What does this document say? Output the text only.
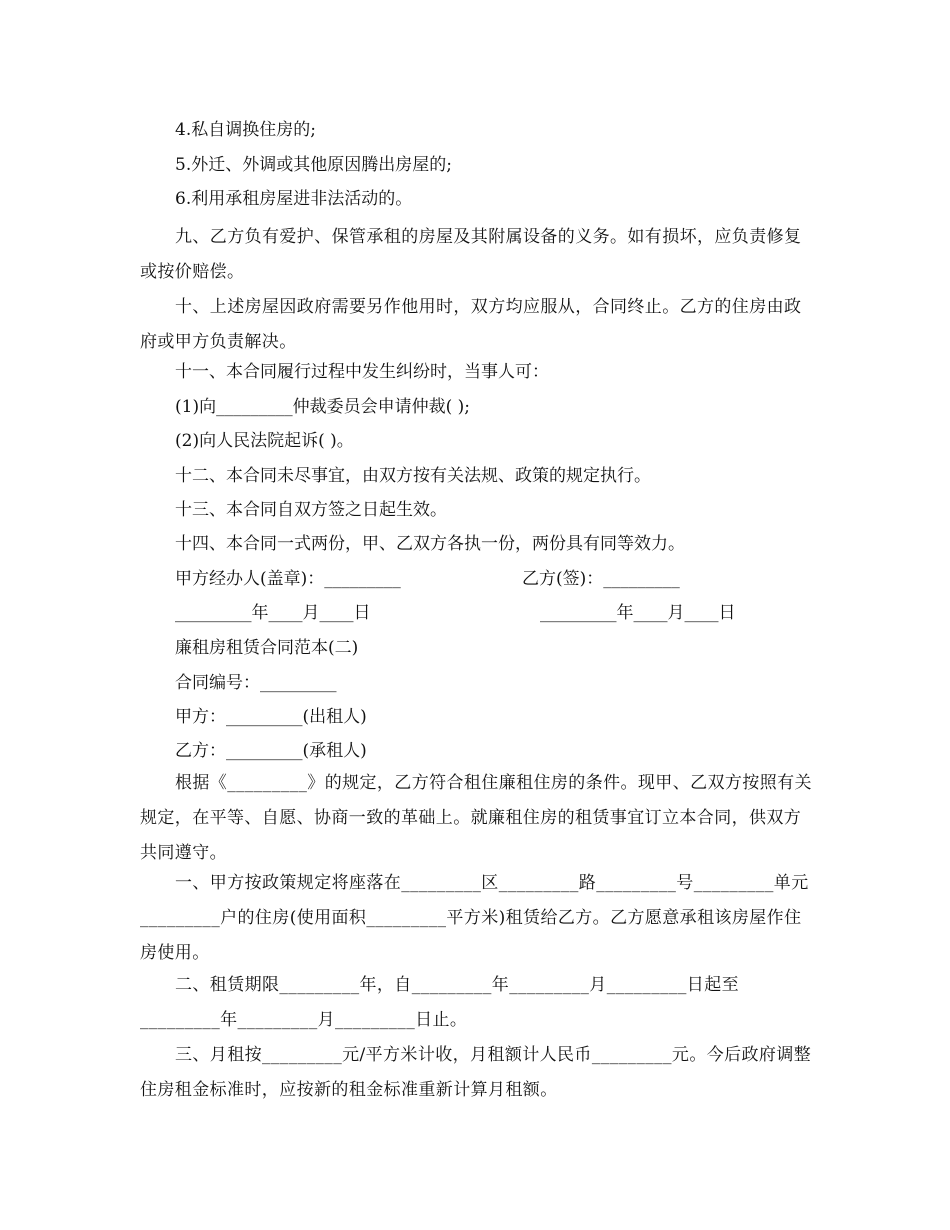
4.私自调换住房的;
5.外迁、外调或其他原因腾出房屋的;
6.利用承租房屋进非法活动的。
九、乙方负有爱护、保管承租的房屋及其附属设备的义务。如有损坏，应负责修复或按价赔偿。
十、上述房屋因政府需要另作他用时，双方均应服从，合同终止。乙方的住房由政府或甲方负责解决。
十一、本合同履行过程中发生纠纷时，当事人可：
(1)向_________仲裁委员会申请仲裁( );
(2)向人民法院起诉( )。
十二、本合同未尽事宜，由双方按有关法规、政策的规定执行。
十三、本合同自双方签之日起生效。
十四、本合同一式两份，甲、乙双方各执一份，两份具有同等效力。
甲方经办人(盖章)：_________	乙方(签)：_________
_________年____月____日	_________年____月____日
廉租房租赁合同范本(二)
合同编号：_________
甲方：_________(出租人)
乙方：_________(承租人)
根据《_________》的规定，乙方符合租住廉租住房的条件。现甲、乙双方按照有关规定，在平等、自愿、协商一致的革础上。就廉租住房的租赁事宜订立本合同，供双方共同遵守。
一、甲方按政策规定将座落在_________区_________路_________号_________单元_________户的住房(使用面积_________平方米)租赁给乙方。乙方愿意承租该房屋作住房使用。
二、租赁期限_________年，自_________年_________月_________日起至_________年_________月_________日止。
三、月租按_________元/平方米计收，月租额计人民币_________元。今后政府调整住房租金标准时，应按新的租金标准重新计算月租额。
